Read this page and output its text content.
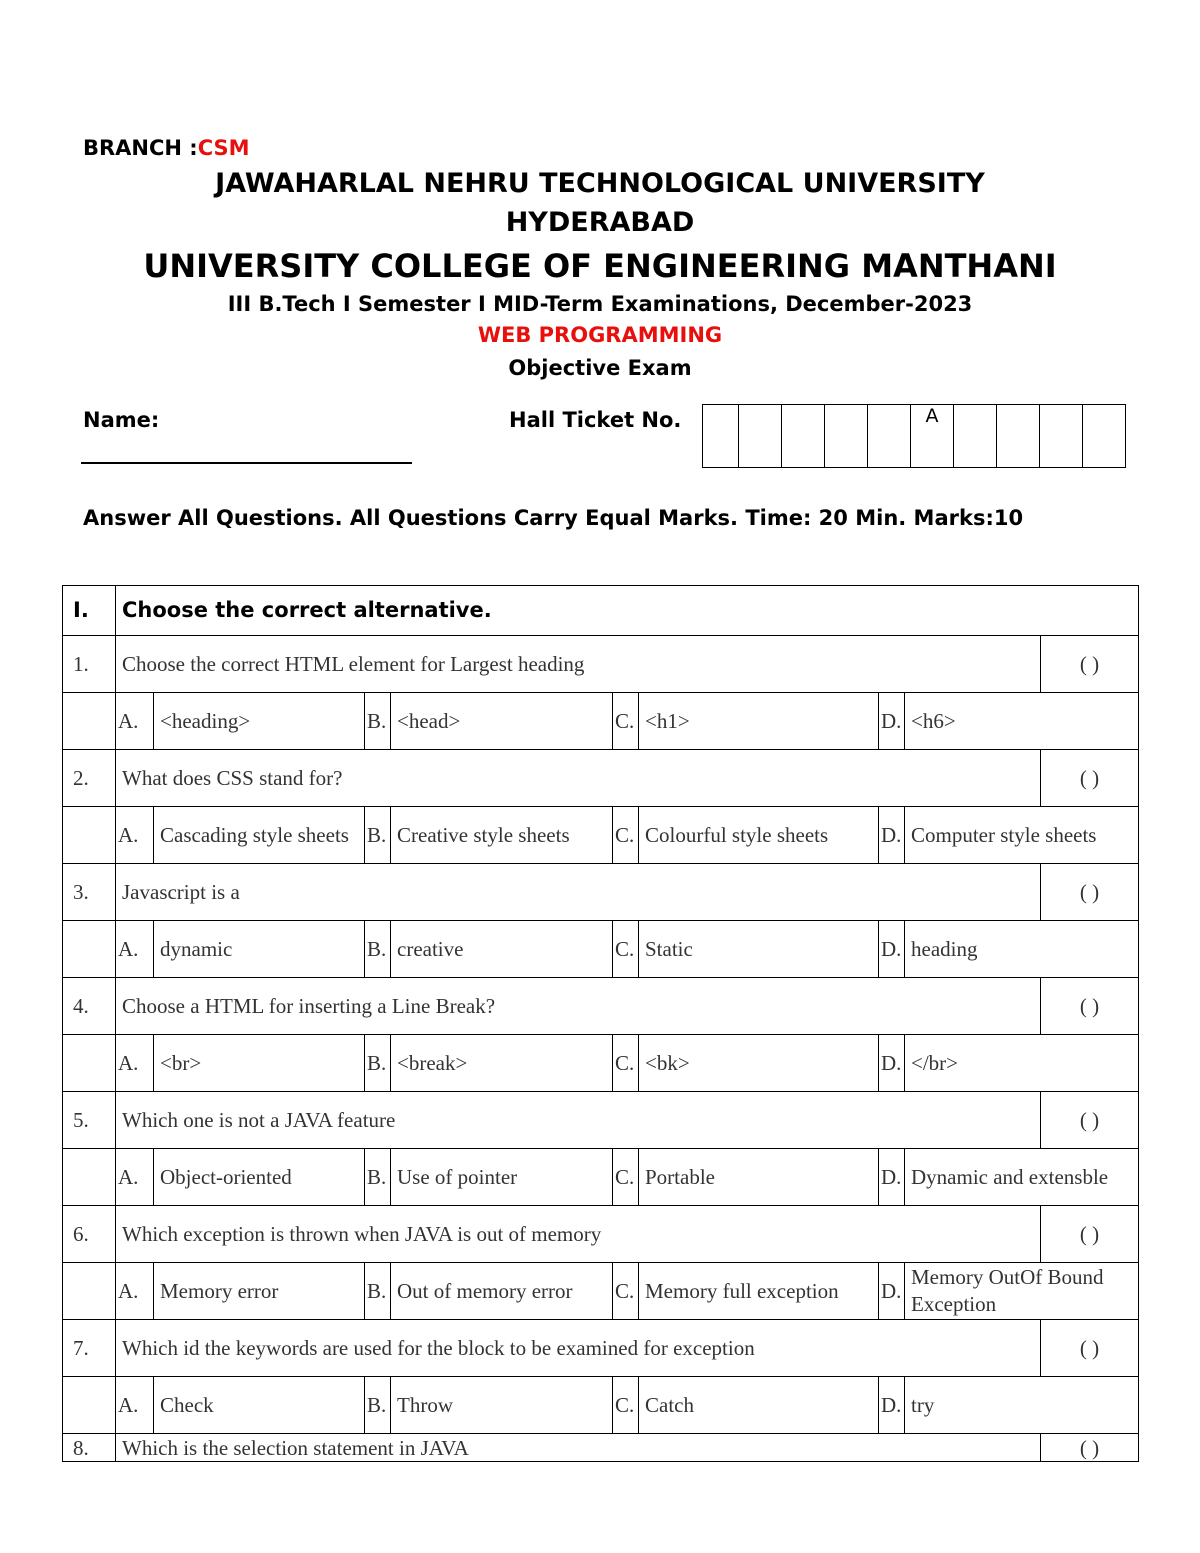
BRANCH :CSM
JAWAHARLAL NEHRU TECHNOLOGICAL UNIVERSITY
HYDERABAD
UNIVERSITY COLLEGE OF ENGINEERING MANTHANI
III B.Tech I Semester I MID-Term Examinations, December-2023
WEB PROGRAMMING
Objective Exam
Name:	Hall Ticket No.
						A				
Answer All Questions. All Questions Carry Equal Marks. Time: 20 Min. Marks:10
I.	Choose the correct alternative.								
1.	Choose the correct HTML element for Largest heading								( )
	A.	<heading>	B.	<head>	C.	<h1>	D.	<h6>	
2.	What does CSS stand for?								( )
	A.	Cascading style sheets	B.	Creative style sheets	C.	Colourful style sheets	D.	Computer style sheets	
3.	Javascript is a								( )
	A.	dynamic	B.	creative	C.	Static	D.	heading	
4.	Choose a HTML for inserting a Line Break?								( )
	A.	<br>	B.	<break>	C.	<bk>	D.	</br>	
5.	Which one is not a JAVA feature								( )
	A.	Object-oriented	B.	Use of pointer	C.	Portable	D.	Dynamic and extensble	
6.	Which exception is thrown when JAVA is out of memory								( )
	A.	Memory error	B.	Out of memory error	C.	Memory full exception	D.	Memory OutOf Bound Exception	
7.	Which id the keywords are used for the block to be examined for exception								( )
	A.	Check	B.	Throw	C.	Catch	D.	try	
8.	Which is the selection statement in JAVA								( )
